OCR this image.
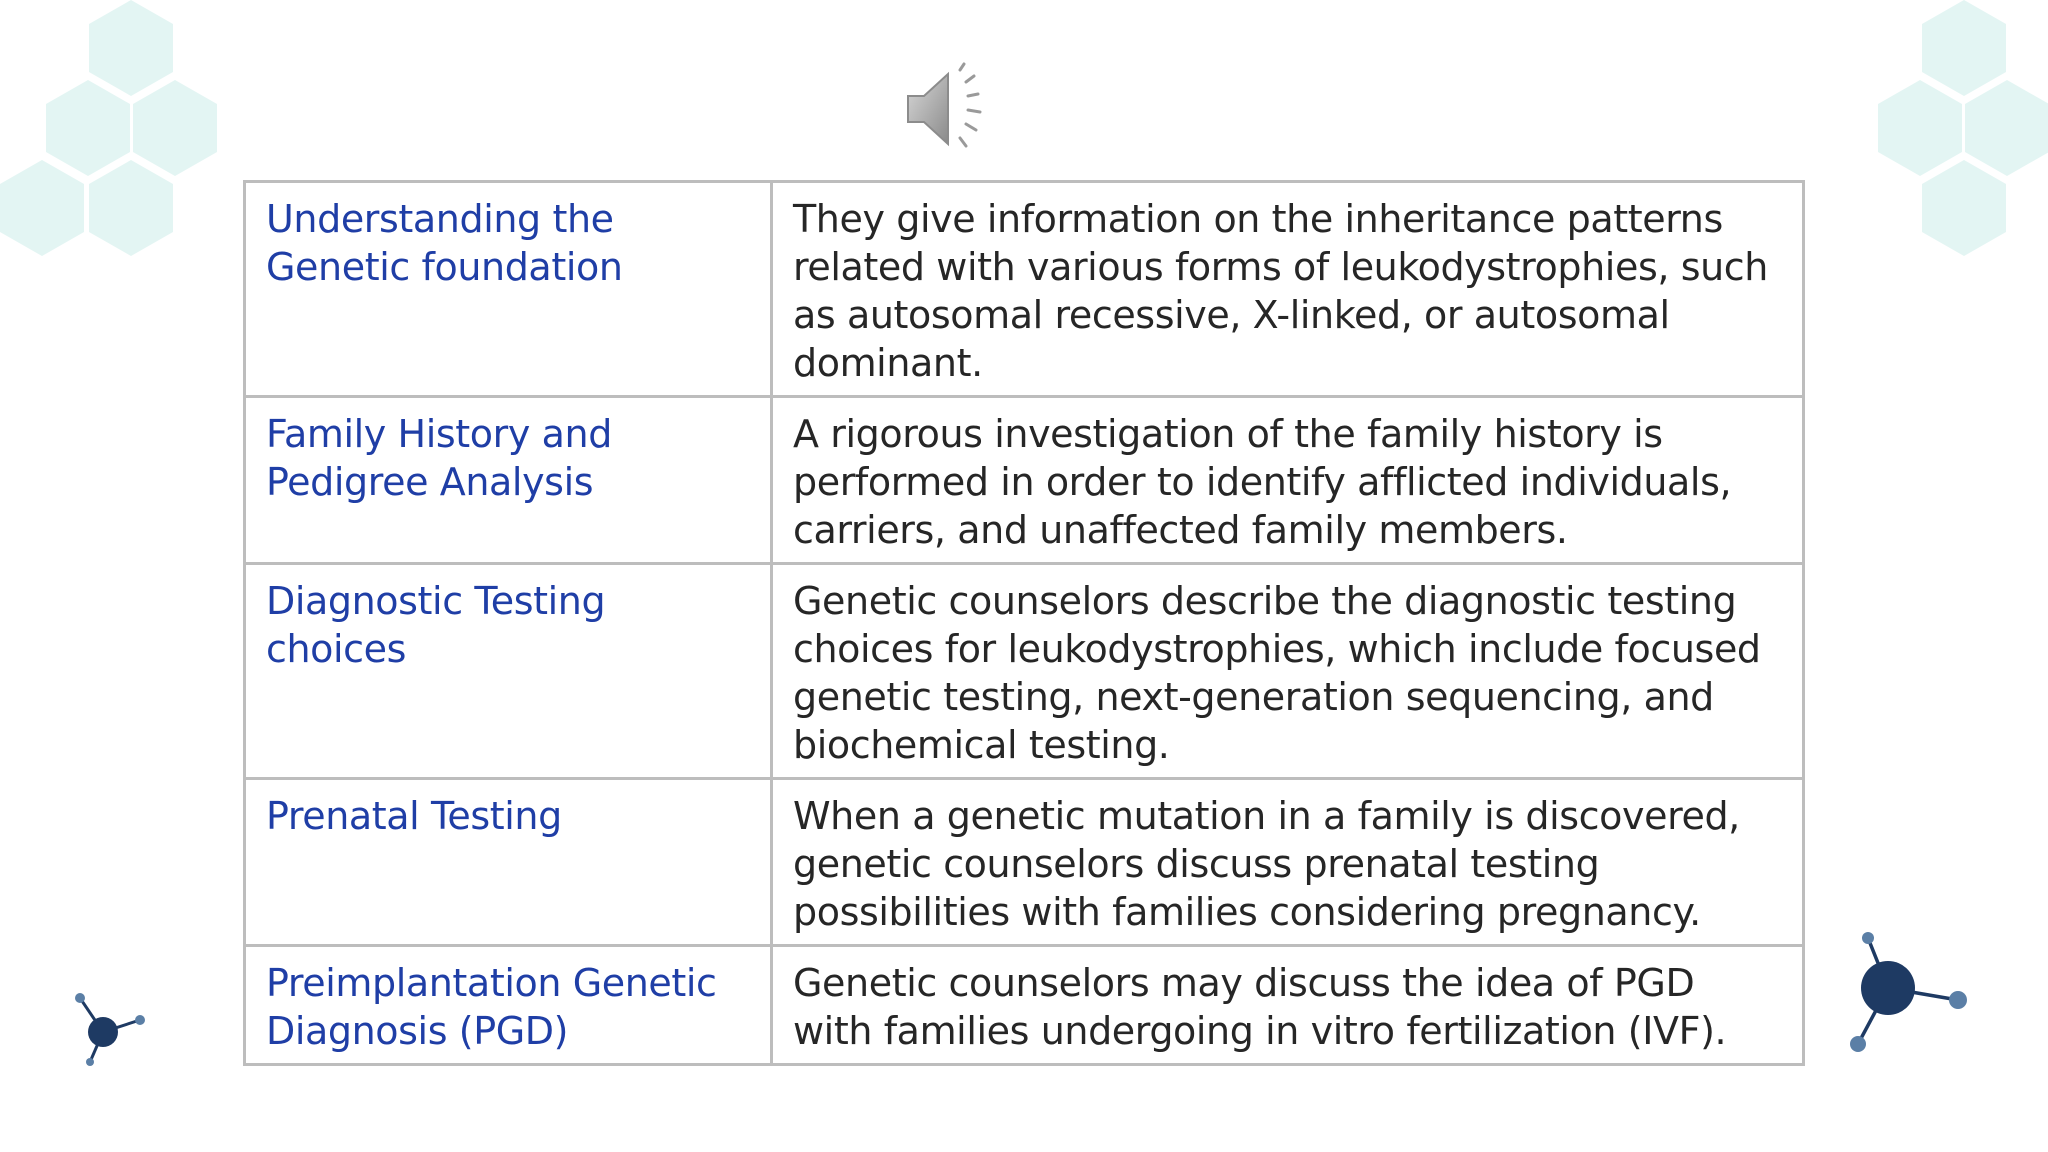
Understanding the Genetic foundation	They give information on the inheritance patterns related with various forms of leukodystrophies, such as autosomal recessive, X-linked, or autosomal dominant.
Family History and Pedigree Analysis	A rigorous investigation of the family history is performed in order to identify afflicted individuals, carriers, and unaffected family members.
Diagnostic Testing choices	Genetic counselors describe the diagnostic testing choices for leukodystrophies, which include focused genetic testing, next-generation sequencing, and biochemical testing.
Prenatal Testing	When a genetic mutation in a family is discovered, genetic counselors discuss prenatal testing possibilities with families considering pregnancy.
Preimplantation Genetic Diagnosis (PGD)	Genetic counselors may discuss the idea of PGD with families undergoing in vitro fertilization (IVF).
